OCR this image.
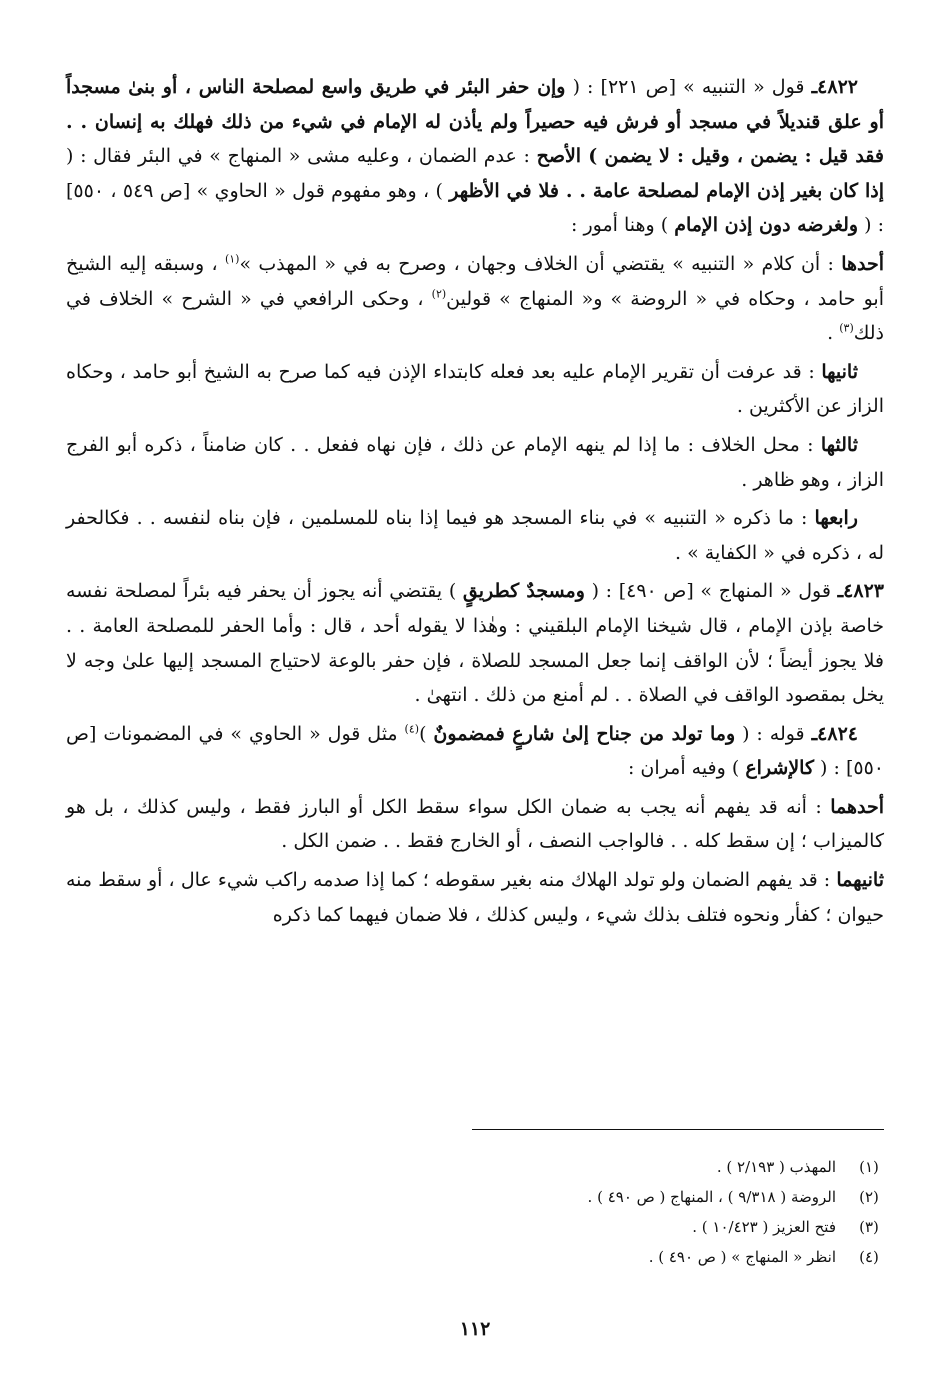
٤٨٢٢ـ قول « التنبيه » [ص ٢٢١] : ( وإن حفر البئر في طريق واسع لمصلحة الناس ، أو بنىٰ مسجداً أو علق قنديلاً في مسجد أو فرش فيه حصيراً ولم يأذن له الإمام في شيء من ذلك فهلك به إنسان . . فقد قيل : يضمن ، وقيل : لا يضمن ) الأصح : عدم الضمان ، وعليه مشى « المنهاج » في البئر فقال : ( إذا كان بغير إذن الإمام لمصلحة عامة . . فلا في الأظهر ) ، وهو مفهوم قول « الحاوي » [ص ٥٤٩ ، ٥٥٠] : ( ولغرضه دون إذن الإمام ) وهنا أمور :

أحدها : أن كلام « التنبيه » يقتضي أن الخلاف وجهان ، وصرح به في « المهذب »$^{(١)}$ ، وسبقه إليه الشيخ أبو حامد ، وحكاه في « الروضة » و« المنهاج » قولين$^{(٢)}$ ، وحكى الرافعي في « الشرح » الخلاف في ذلك$^{(٣)}$ .

ثانيها : قد عرفت أن تقرير الإمام عليه بعد فعله كابتداء الإذن فيه كما صرح به الشيخ أبو حامد ، وحكاه الزاز عن الأكثرين .

ثالثها : محل الخلاف : ما إذا لم ينهه الإمام عن ذلك ، فإن نهاه ففعل . . كان ضامناً ، ذكره أبو الفرج الزاز ، وهو ظاهر .

رابعها : ما ذكره « التنبيه » في بناء المسجد هو فيما إذا بناه للمسلمين ، فإن بناه لنفسه . . فكالحفر له ، ذكره في « الكفاية » .

٤٨٢٣ـ قول « المنهاج » [ص ٤٩٠] : ( ومسجدٌ كطريقٍ ) يقتضي أنه يجوز أن يحفر فيه بئراً لمصلحة نفسه خاصة بإذن الإمام ، قال شيخنا الإمام البلقيني : وهٰذا لا يقوله أحد ، قال : وأما الحفر للمصلحة العامة . . فلا يجوز أيضاً ؛ لأن الواقف إنما جعل المسجد للصلاة ، فإن حفر بالوعة لاحتياج المسجد إليها علىٰ وجه لا يخل بمقصود الواقف في الصلاة . . لم أمنع من ذلك . انتهىٰ .

٤٨٢٤ـ قوله : ( وما تولد من جناح إلىٰ شارعٍ فمضمونٌ )$^{(٤)}$ مثل قول « الحاوي » في المضمونات [ص ٥٥٠] : ( كالإشراع ) وفيه أمران :

أحدهما : أنه قد يفهم أنه يجب به ضمان الكل سواء سقط الكل أو البارز فقط ، وليس كذلك ، بل هو كالميزاب ؛ إن سقط كله . . فالواجب النصف ، أو الخارج فقط . . ضمن الكل .

ثانيهما : قد يفهم الضمان ولو تولد الهلاك منه بغير سقوطه ؛ كما إذا صدمه راكب شيء عال ، أو سقط منه حيوان ؛ كفأر ونحوه فتلف بذلك شيء ، وليس كذلك ، فلا ضمان فيهما كما ذكره

(١)
المهذب ( ٢/١٩٣ ) .
(٢)
الروضة ( ٩/٣١٨ ) ، المنهاج ( ص ٤٩٠ ) .
(٣)
فتح العزيز ( ١٠/٤٢٣ ) .
(٤)
انظر « المنهاج » ( ص ٤٩٠ ) .
١١٢
